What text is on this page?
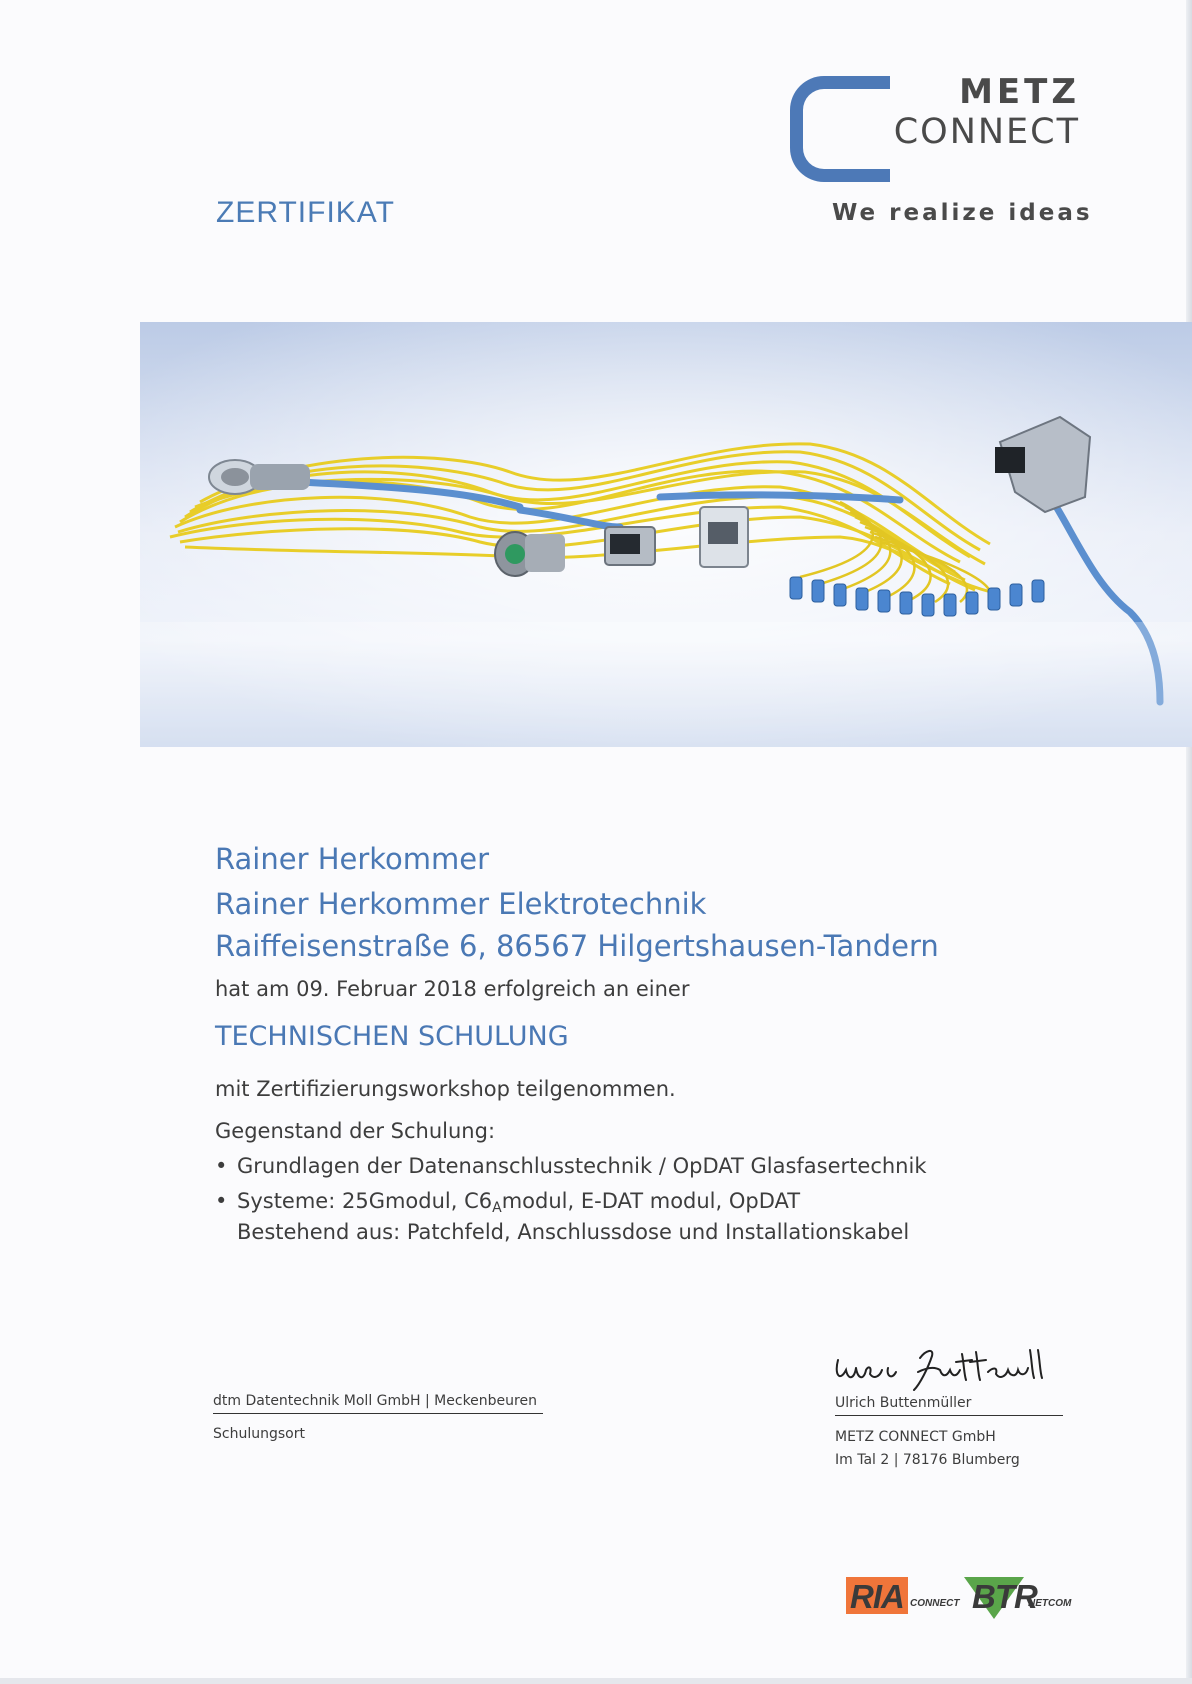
METZ
CONNECT
We realize ideas
ZERTIFIKAT
Rainer Herkommer
Rainer Herkommer Elektrotechnik
Raiffeisenstraße 6, 86567 Hilgertshausen-Tandern
hat am 09. Februar 2018 erfolgreich an einer
TECHNISCHEN SCHULUNG
mit Zertifizierungsworkshop teilgenommen.
Gegenstand der Schulung:
• Grundlagen der Datenanschlusstechnik / OpDAT Glasfasertechnik
• Systeme: 25Gmodul, $C6_Amodul$, E-DAT modul, OpDAT
Bestehend aus: Patchfeld, Anschlussdose und Installationskabel
dtm Datentechnik Moll GmbH | Meckenbeuren
Schulungsort
Ulrich Buttenmüller
METZ CONNECT GmbH
Im Tal 2 | 78176 Blumberg
RIA CONNECT BTR
NETCOM
